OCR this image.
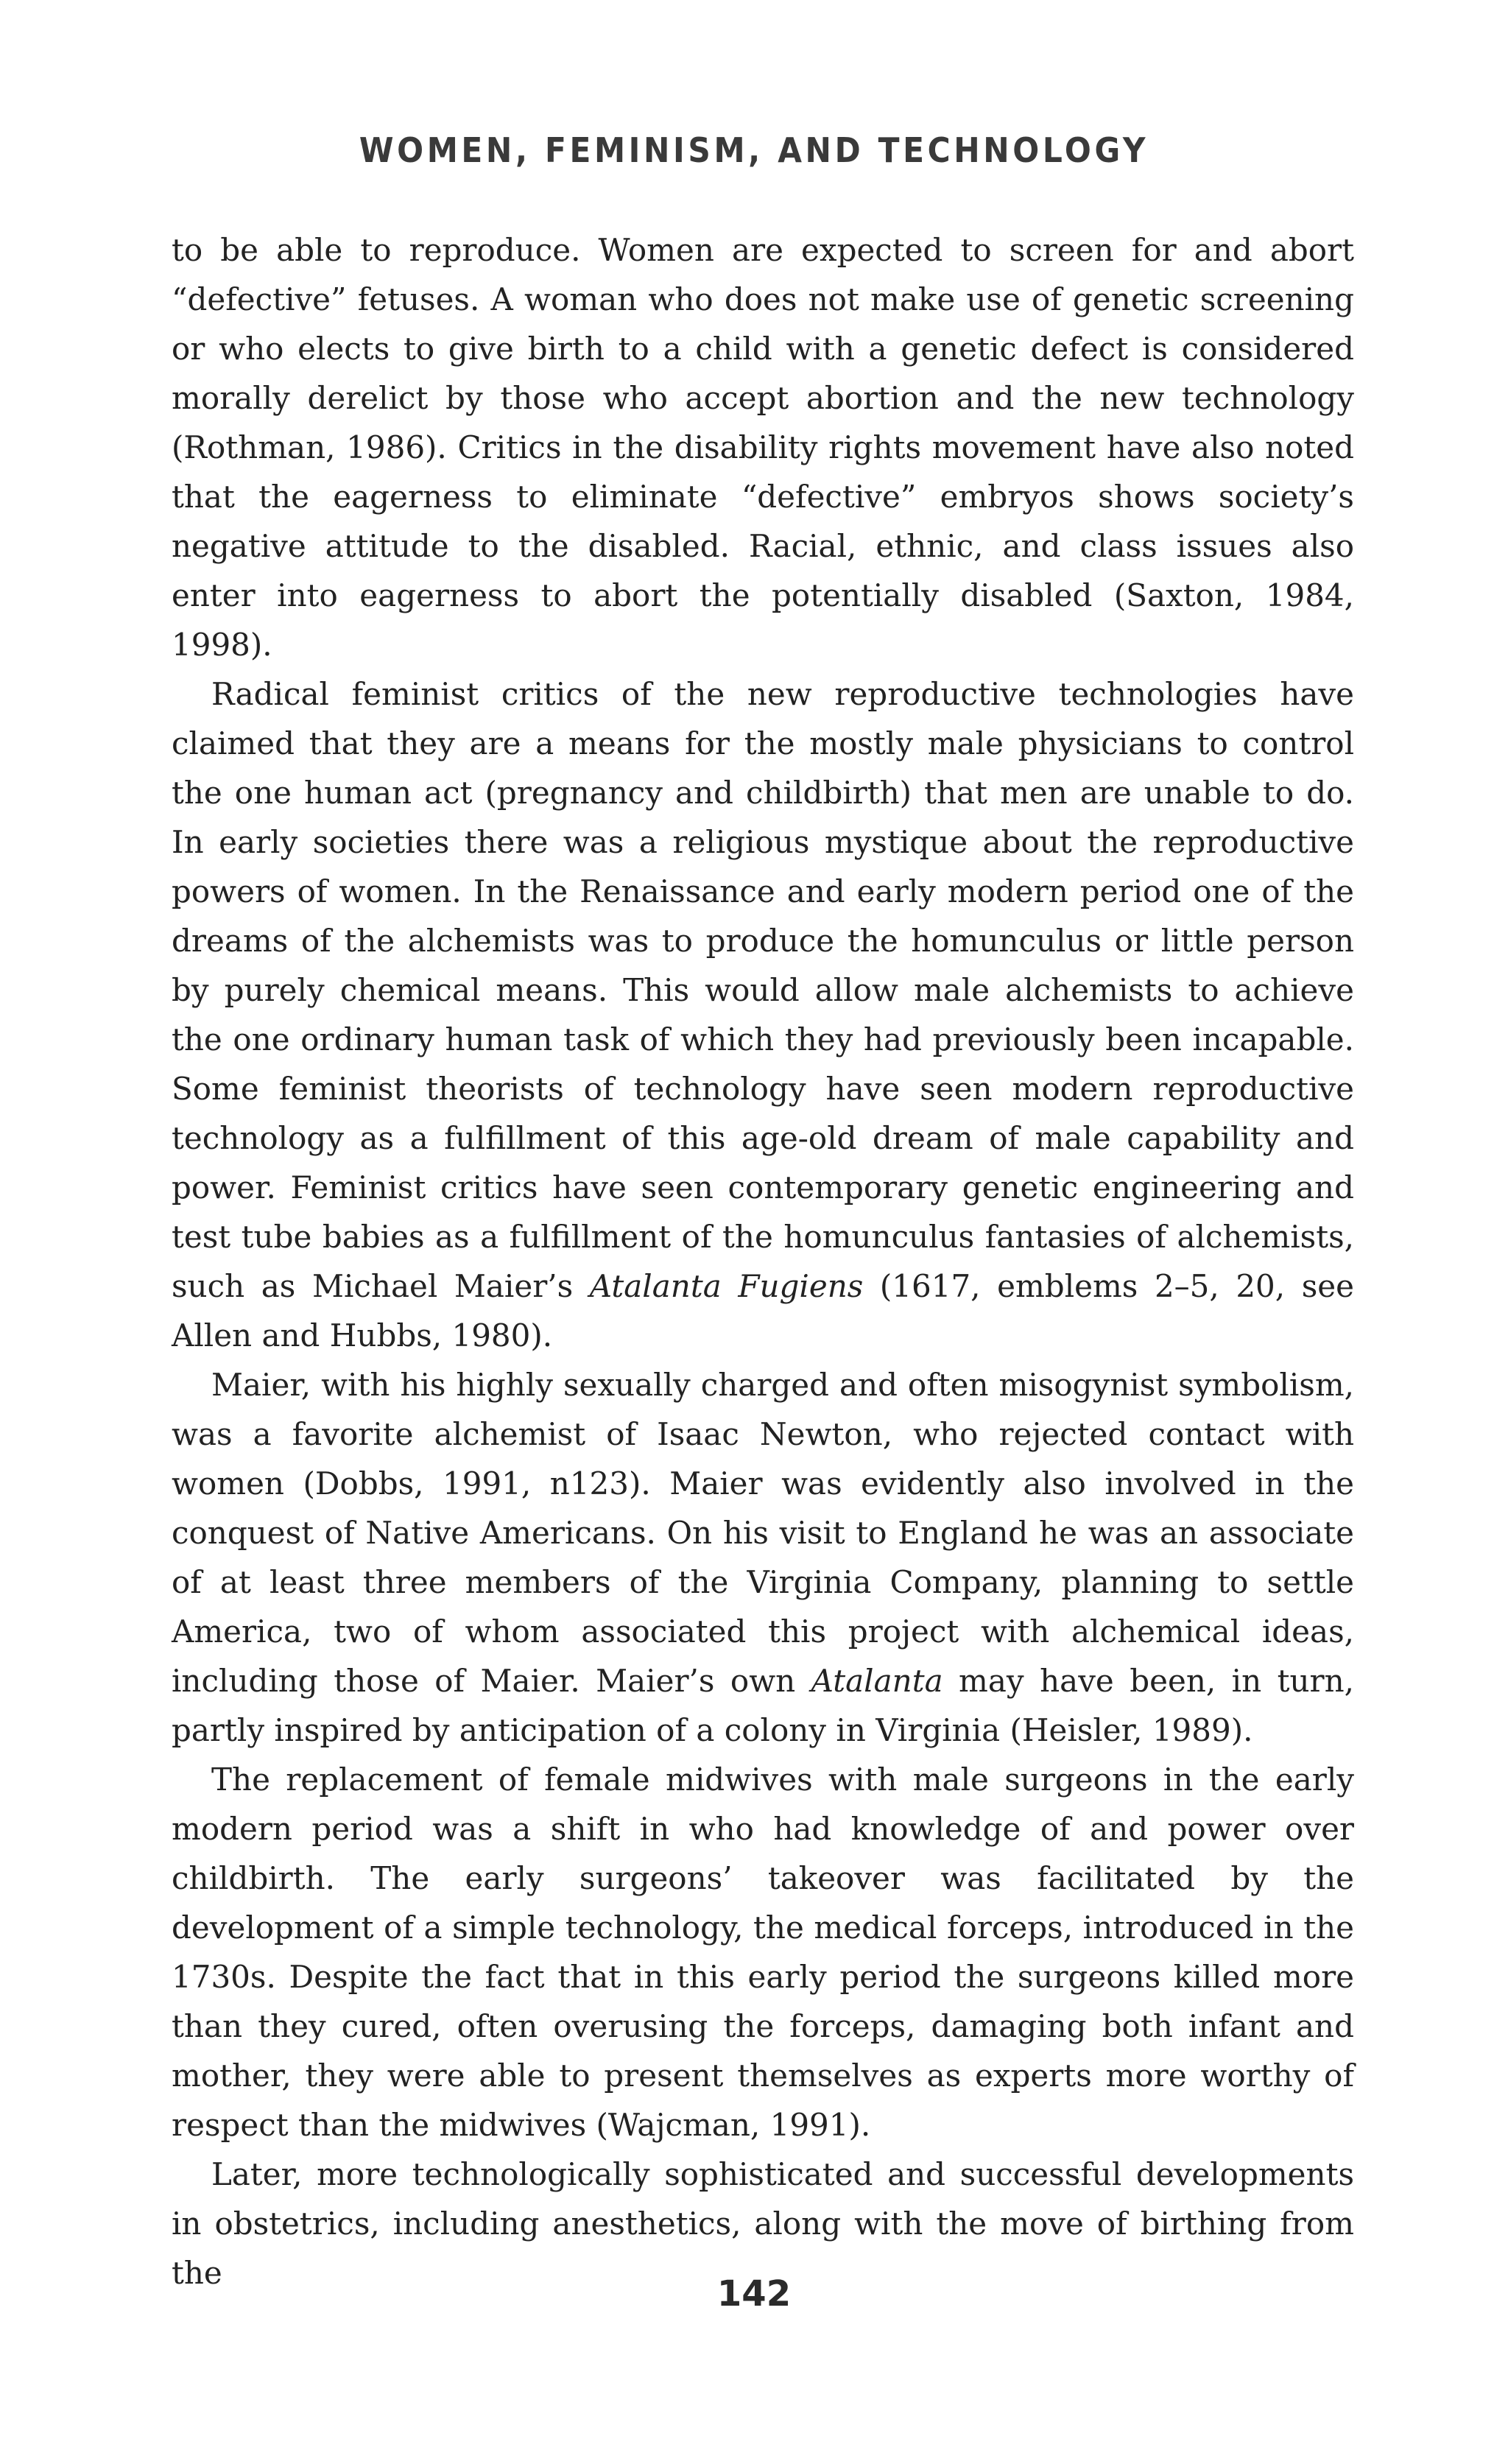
WOMEN, FEMINISM, AND TECHNOLOGY

to be able to reproduce. Women are expected to screen for and abort “defective” fetuses. A woman who does not make use of genetic screening or who elects to give birth to a child with a genetic defect is considered morally derelict by those who accept abortion and the new technology (Rothman, 1986). Critics in the disability rights movement have also noted that the eagerness to eliminate “defective” embryos shows society’s negative attitude to the disabled. Racial, ethnic, and class issues also enter into eagerness to abort the potentially disabled (Saxton, 1984, 1998).

Radical feminist critics of the new reproductive technologies have claimed that they are a means for the mostly male physicians to control the one human act (pregnancy and childbirth) that men are unable to do. In early societies there was a religious mystique about the reproductive powers of women. In the Renaissance and early modern period one of the dreams of the alchemists was to produce the homunculus or little person by purely chemical means. This would allow male alchemists to achieve the one ordinary human task of which they had previously been incapable. Some feminist theorists of technology have seen modern reproductive technology as a fulfillment of this age-old dream of male capability and power. Feminist critics have seen contemporary genetic engineering and test tube babies as a fulfillment of the homunculus fantasies of alchemists, such as Michael Maier’s Atalanta Fugiens (1617, emblems 2–5, 20, see Allen and Hubbs, 1980).

Maier, with his highly sexually charged and often misogynist symbolism, was a favorite alchemist of Isaac Newton, who rejected contact with women (Dobbs, 1991, n123). Maier was evidently also involved in the conquest of Native Americans. On his visit to England he was an associate of at least three members of the Virginia Company, planning to settle America, two of whom associated this project with alchemical ideas, including those of Maier. Maier’s own Atalanta may have been, in turn, partly inspired by anticipation of a colony in Virginia (Heisler, 1989).

The replacement of female midwives with male surgeons in the early modern period was a shift in who had knowledge of and power over childbirth. The early surgeons’ takeover was facilitated by the development of a simple technology, the medical forceps, introduced in the 1730s. Despite the fact that in this early period the surgeons killed more than they cured, often overusing the forceps, damaging both infant and mother, they were able to present themselves as experts more worthy of respect than the midwives (Wajcman, 1991).

Later, more technologically sophisticated and successful developments in obstetrics, including anesthetics, along with the move of birthing from the

142
